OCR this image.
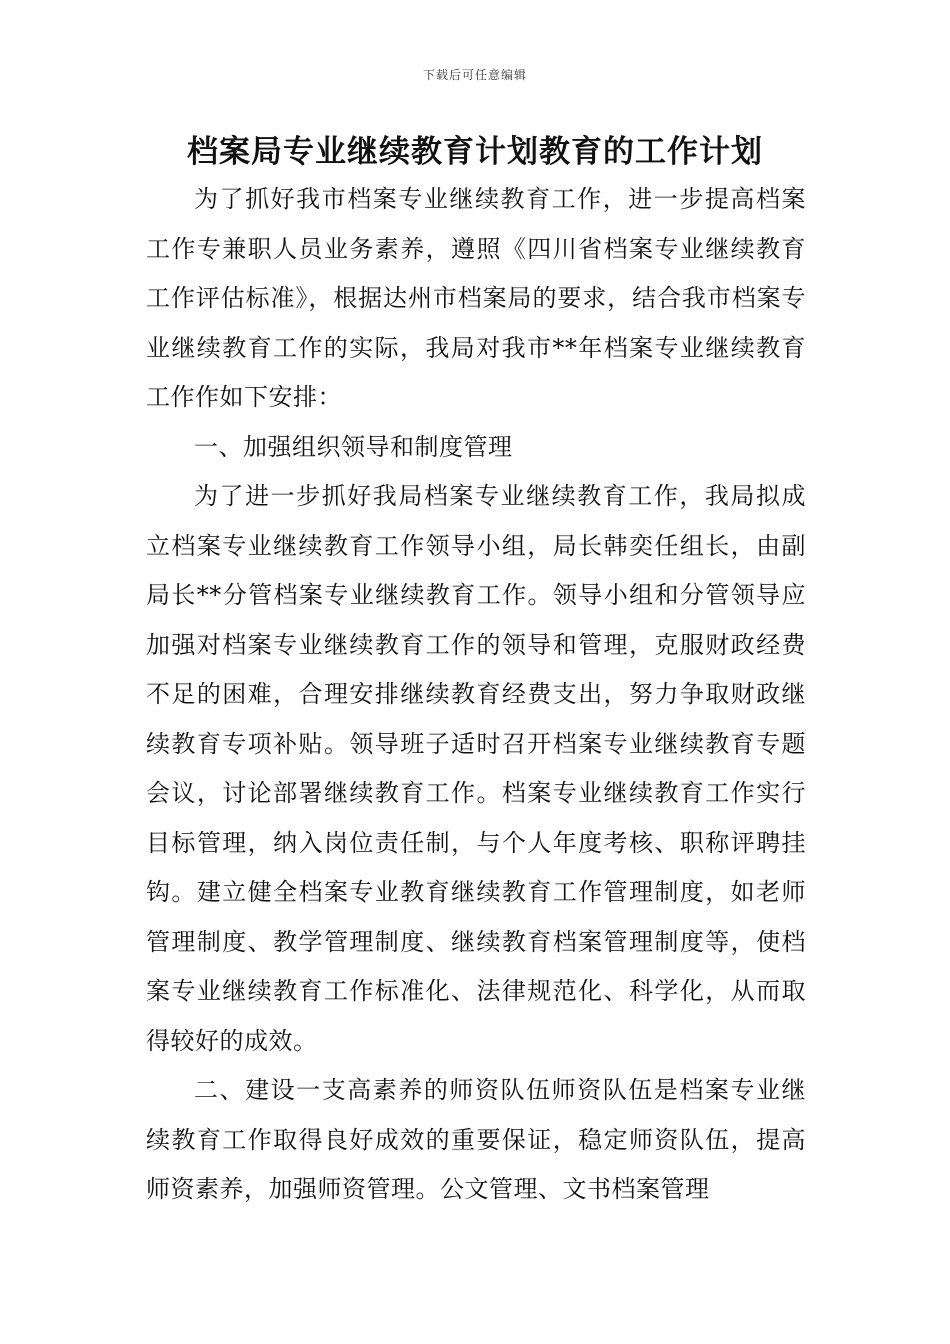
下载后可任意编辑
档案局专业继续教育计划教育的工作计划

为了抓好我市档案专业继续教育工作，进一步提高档案工作专兼职人员业务素养，遵照《四川省档案专业继续教育工作评估标准》，根据达州市档案局的要求，结合我市档案专业继续教育工作的实际，我局对我市**年档案专业继续教育工作作如下安排：

一、加强组织领导和制度管理

为了进一步抓好我局档案专业继续教育工作，我局拟成立档案专业继续教育工作领导小组，局长韩奕任组长，由副局长**分管档案专业继续教育工作。领导小组和分管领导应加强对档案专业继续教育工作的领导和管理，克服财政经费不足的困难，合理安排继续教育经费支出，努力争取财政继续教育专项补贴。领导班子适时召开档案专业继续教育专题会议，讨论部署继续教育工作。档案专业继续教育工作实行目标管理，纳入岗位责任制，与个人年度考核、职称评聘挂钩。建立健全档案专业教育继续教育工作管理制度，如老师管理制度、教学管理制度、继续教育档案管理制度等，使档案专业继续教育工作标准化、法律规范化、科学化，从而取得较好的成效。

二、建设一支高素养的师资队伍师资队伍是档案专业继续教育工作取得良好成效的重要保证，稳定师资队伍，提高师资素养，加强师资管理。公文管理、文书档案管理
